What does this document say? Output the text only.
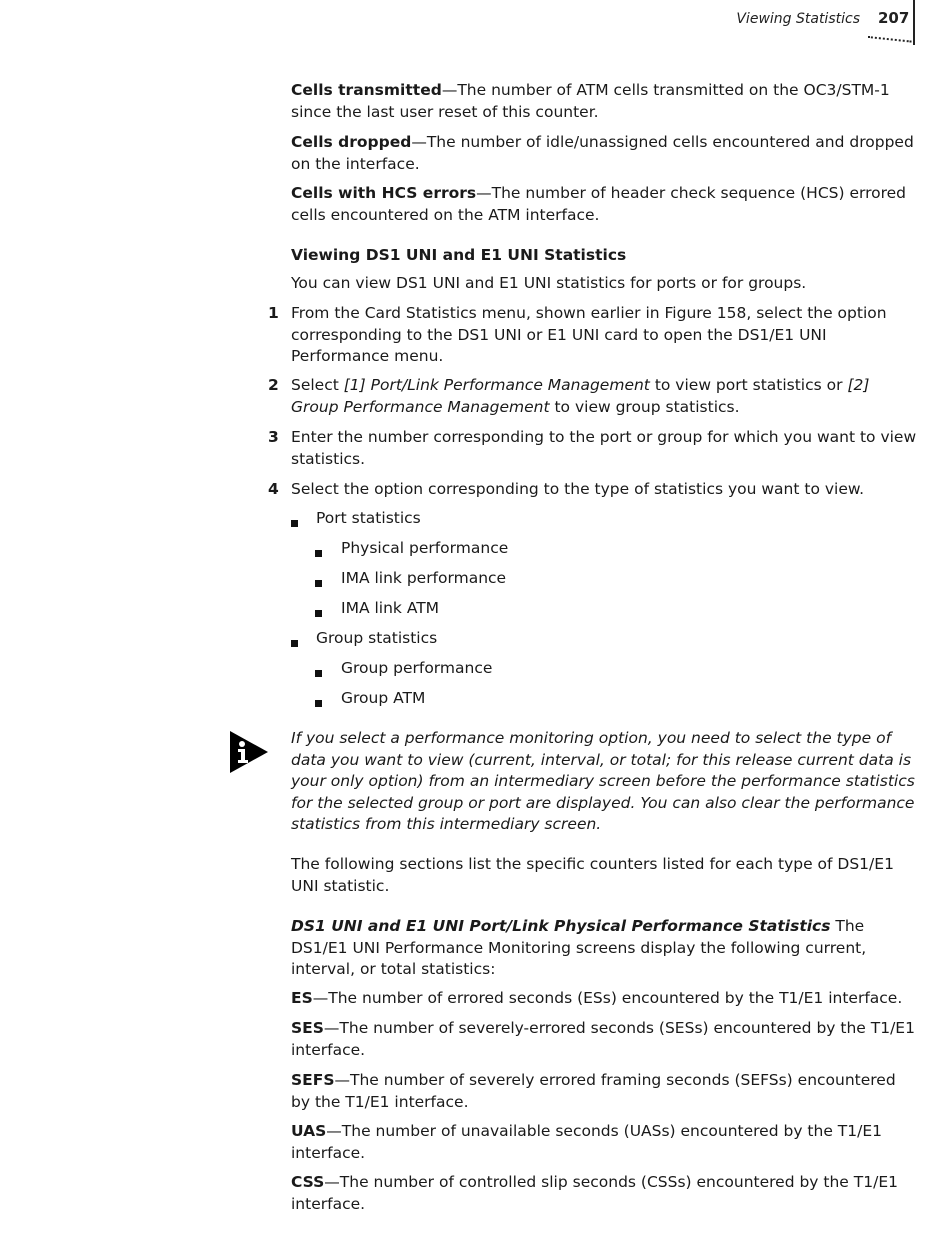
Viewing Statistics 207

Cells transmitted—The number of ATM cells transmitted on the OC3/STM-1 since the last user reset of this counter.

Cells dropped—The number of idle/unassigned cells encountered and dropped on the interface.

Cells with HCS errors—The number of header check sequence (HCS) errored cells encountered on the ATM interface.

Viewing DS1 UNI and E1 UNI Statistics
You can view DS1 UNI and E1 UNI statistics for ports or for groups.
1 From the Card Statistics menu, shown earlier in Figure 158, select the option corresponding to the DS1 UNI or E1 UNI card to open the DS1/E1 UNI Performance menu.
2 Select [1] Port/Link Performance Management to view port statistics or [2] Group Performance Management to view group statistics.
3 Enter the number corresponding to the port or group for which you want to view statistics.
4 Select the option corresponding to the type of statistics you want to view.
Port statistics
Physical performance
IMA link performance
IMA link ATM
Group statistics
Group performance
Group ATM
If you select a performance monitoring option, you need to select the type of data you want to view (current, interval, or total; for this release current data is your only option) from an intermediary screen before the performance statistics for the selected group or port are displayed. You can also clear the performance statistics from this intermediary screen.
The following sections list the specific counters listed for each type of DS1/E1 UNI statistic.
DS1 UNI and E1 UNI Port/Link Physical Performance Statistics The DS1/E1 UNI Performance Monitoring screens display the following current, interval, or total statistics:
ES—The number of errored seconds (ESs) encountered by the T1/E1 interface.
SES—The number of severely-errored seconds (SESs) encountered by the T1/E1 interface.
SEFS—The number of severely errored framing seconds (SEFSs) encountered by the T1/E1 interface.
UAS—The number of unavailable seconds (UASs) encountered by the T1/E1 interface.
CSS—The number of controlled slip seconds (CSSs) encountered by the T1/E1 interface.
